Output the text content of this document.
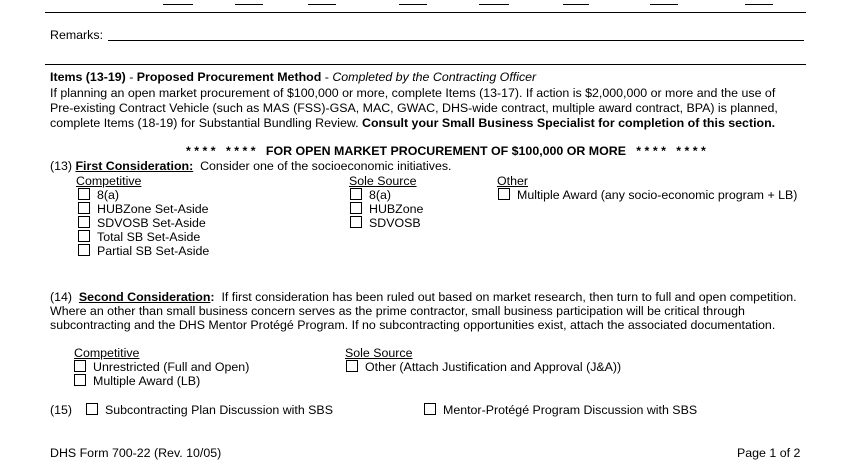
Remarks:
Items (13-19) - Proposed Procurement Method - Completed by the Contracting Officer
If planning an open market procurement of $100,000 or more, complete Items (13-17). If action is $2,000,000 or more and the use of
Pre-existing Contract Vehicle (such as MAS (FSS)-GSA, MAC, GWAC, DHS-wide contract, multiple award contract, BPA) is planned,
complete Items (18-19) for Substantial Bundling Review. Consult your Small Business Specialist for completion of this section.
* * * *   * * * * FOR OPEN MARKET PROCUREMENT OF $100,000 OR MORE * * * *   * * * *
(13) First Consideration:  Consider one of the socioeconomic initiatives.
Competitive
8(a)
HUBZone Set-Aside
SDVOSB Set-Aside
Total SB Set-Aside
Partial SB Set-Aside
Sole Source
8(a)
HUBZone
SDVOSB
Other
Multiple Award (any socio-economic program + LB)
(14)  Second Consideration:  If first consideration has been ruled out based on market research, then turn to full and open competition.
Where an other than small business concern serves as the prime contractor, small business participation will be critical through
subcontracting and the DHS Mentor Protégé Program. If no subcontracting opportunities exist, attach the associated documentation.
Competitive
Unrestricted (Full and Open)
Multiple Award (LB)
Sole Source
Other (Attach Justification and Approval (J&A))
(15)	Subcontracting Plan Discussion with SBS	Mentor-Protégé Program Discussion with SBS
DHS Form 700-22 (Rev. 10/05)	Page 1 of 2
